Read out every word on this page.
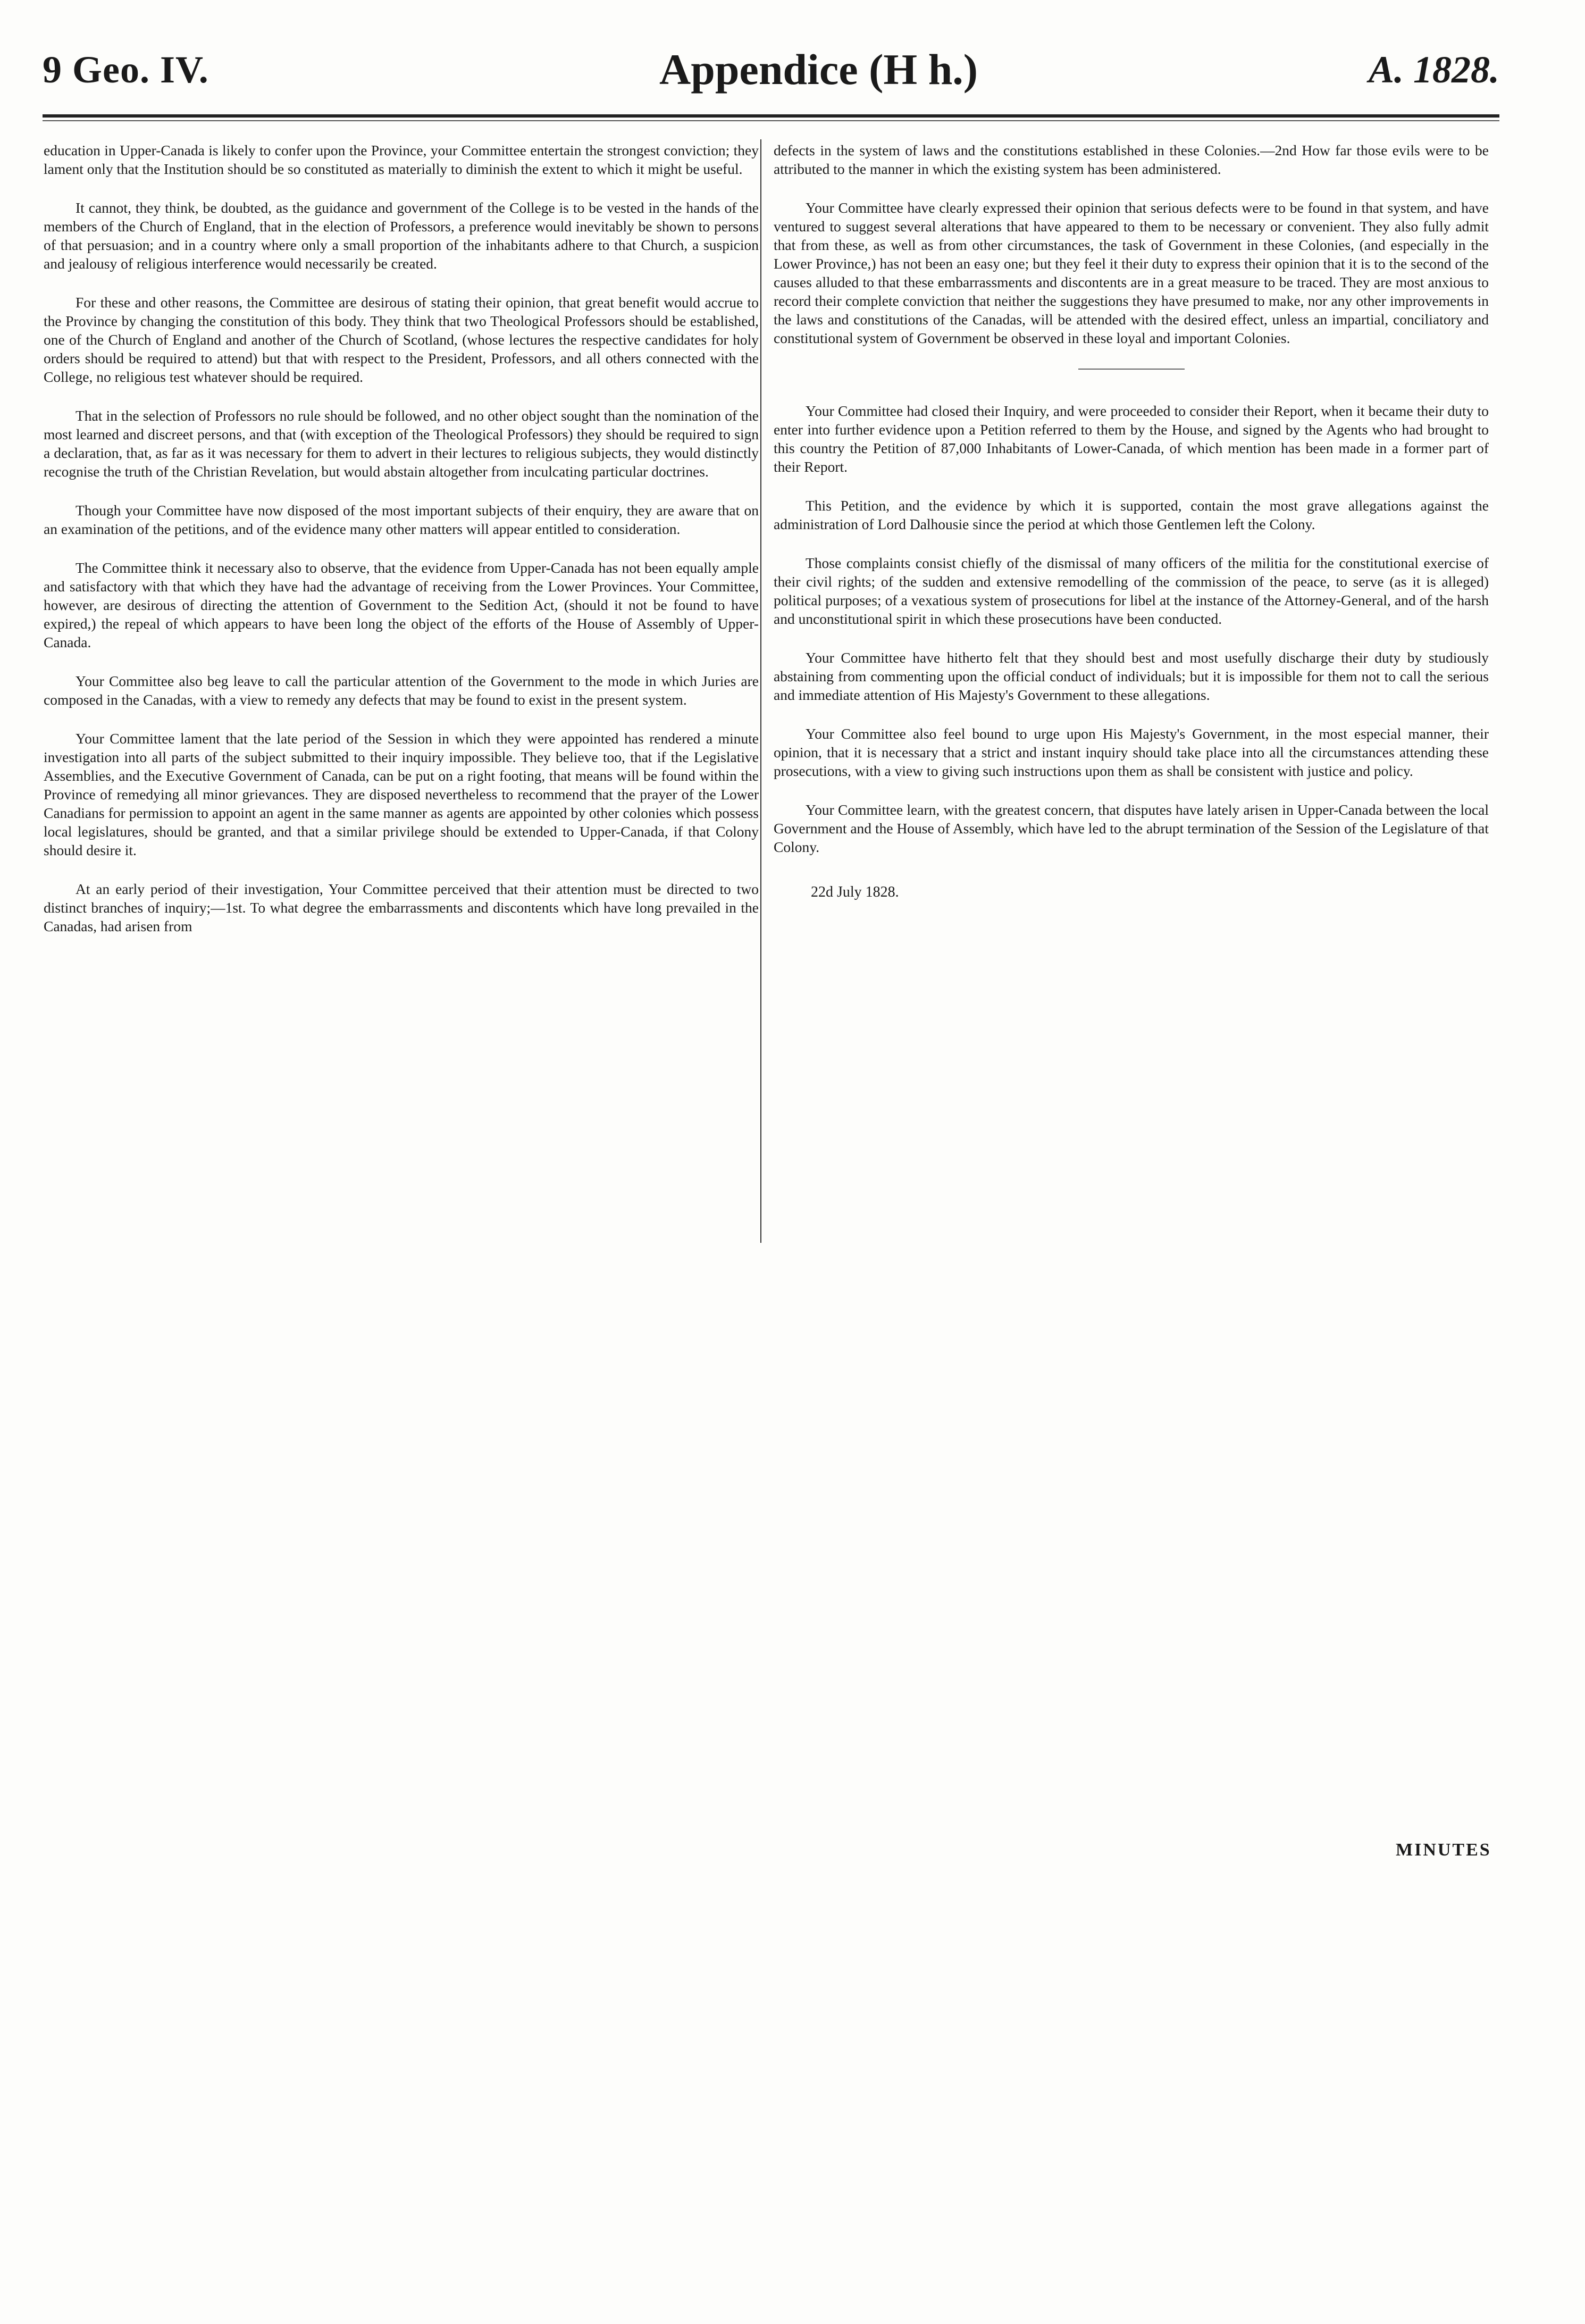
9 Geo. IV.	Appendice (H h.)	A. 1828.

education in Upper-Canada is likely to confer upon the Province, your Committee entertain the strongest conviction; they lament only that the Institution should be so constituted as materially to diminish the extent to which it might be useful.

It cannot, they think, be doubted, as the guidance and government of the College is to be vested in the hands of the members of the Church of England, that in the election of Professors, a preference would inevitably be shown to persons of that persuasion; and in a country where only a small proportion of the inhabitants adhere to that Church, a suspicion and jealousy of religious interference would necessarily be created.

For these and other reasons, the Committee are desirous of stating their opinion, that great benefit would accrue to the Province by changing the constitution of this body. They think that two Theological Professors should be established, one of the Church of England and another of the Church of Scotland, (whose lectures the respective candidates for holy orders should be required to attend) but that with respect to the President, Professors, and all others connected with the College, no religious test whatever should be required.

That in the selection of Professors no rule should be followed, and no other object sought than the nomination of the most learned and discreet persons, and that (with exception of the Theological Professors) they should be required to sign a declaration, that, as far as it was necessary for them to advert in their lectures to religious subjects, they would distinctly recognise the truth of the Christian Revelation, but would abstain altogether from inculcating particular doctrines.

Though your Committee have now disposed of the most important subjects of their enquiry, they are aware that on an examination of the petitions, and of the evidence many other matters will appear entitled to consideration.

The Committee think it necessary also to observe, that the evidence from Upper-Canada has not been equally ample and satisfactory with that which they have had the advantage of receiving from the Lower Provinces. Your Committee, however, are desirous of directing the attention of Government to the Sedition Act, (should it not be found to have expired,) the repeal of which appears to have been long the object of the efforts of the House of Assembly of Upper-Canada.

Your Committee also beg leave to call the particular attention of the Government to the mode in which Juries are composed in the Canadas, with a view to remedy any defects that may be found to exist in the present system.

Your Committee lament that the late period of the Session in which they were appointed has rendered a minute investigation into all parts of the subject submitted to their inquiry impossible. They believe too, that if the Legislative Assemblies, and the Executive Government of Canada, can be put on a right footing, that means will be found within the Province of remedying all minor grievances. They are disposed nevertheless to recommend that the prayer of the Lower Canadians for permission to appoint an agent in the same manner as agents are appointed by other colonies which possess local legislatures, should be granted, and that a similar privilege should be extended to Upper-Canada, if that Colony should desire it.

At an early period of their investigation, Your Committee perceived that their attention must be directed to two distinct branches of inquiry;—1st. To what degree the embarrassments and discontents which have long prevailed in the Canadas, had arisen from

defects in the system of laws and the constitutions established in these Colonies.—2nd How far those evils were to be attributed to the manner in which the existing system has been administered.

Your Committee have clearly expressed their opinion that serious defects were to be found in that system, and have ventured to suggest several alterations that have appeared to them to be necessary or convenient. They also fully admit that from these, as well as from other circumstances, the task of Government in these Colonies, (and especially in the Lower Province,) has not been an easy one; but they feel it their duty to express their opinion that it is to the second of the causes alluded to that these embarrassments and discontents are in a great measure to be traced. They are most anxious to record their complete conviction that neither the suggestions they have presumed to make, nor any other improvements in the laws and constitutions of the Canadas, will be attended with the desired effect, unless an impartial, conciliatory and constitutional system of Government be observed in these loyal and important Colonies.

Your Committee had closed their Inquiry, and were proceeded to consider their Report, when it became their duty to enter into further evidence upon a Petition referred to them by the House, and signed by the Agents who had brought to this country the Petition of 87,000 Inhabitants of Lower-Canada, of which mention has been made in a former part of their Report.

This Petition, and the evidence by which it is supported, contain the most grave allegations against the administration of Lord Dalhousie since the period at which those Gentlemen left the Colony.

Those complaints consist chiefly of the dismissal of many officers of the militia for the constitutional exercise of their civil rights; of the sudden and extensive remodelling of the commission of the peace, to serve (as it is alleged) political purposes; of a vexatious system of prosecutions for libel at the instance of the Attorney-General, and of the harsh and unconstitutional spirit in which these prosecutions have been conducted.

Your Committee have hitherto felt that they should best and most usefully discharge their duty by studiously abstaining from commenting upon the official conduct of individuals; but it is impossible for them not to call the serious and immediate attention of His Majesty's Government to these allegations.

Your Committee also feel bound to urge upon His Majesty's Government, in the most especial manner, their opinion, that it is necessary that a strict and instant inquiry should take place into all the circumstances attending these prosecutions, with a view to giving such instructions upon them as shall be consistent with justice and policy.

Your Committee learn, with the greatest concern, that disputes have lately arisen in Upper-Canada between the local Government and the House of Assembly, which have led to the abrupt termination of the Session of the Legislature of that Colony.

22d July 1828.
MINUTES
